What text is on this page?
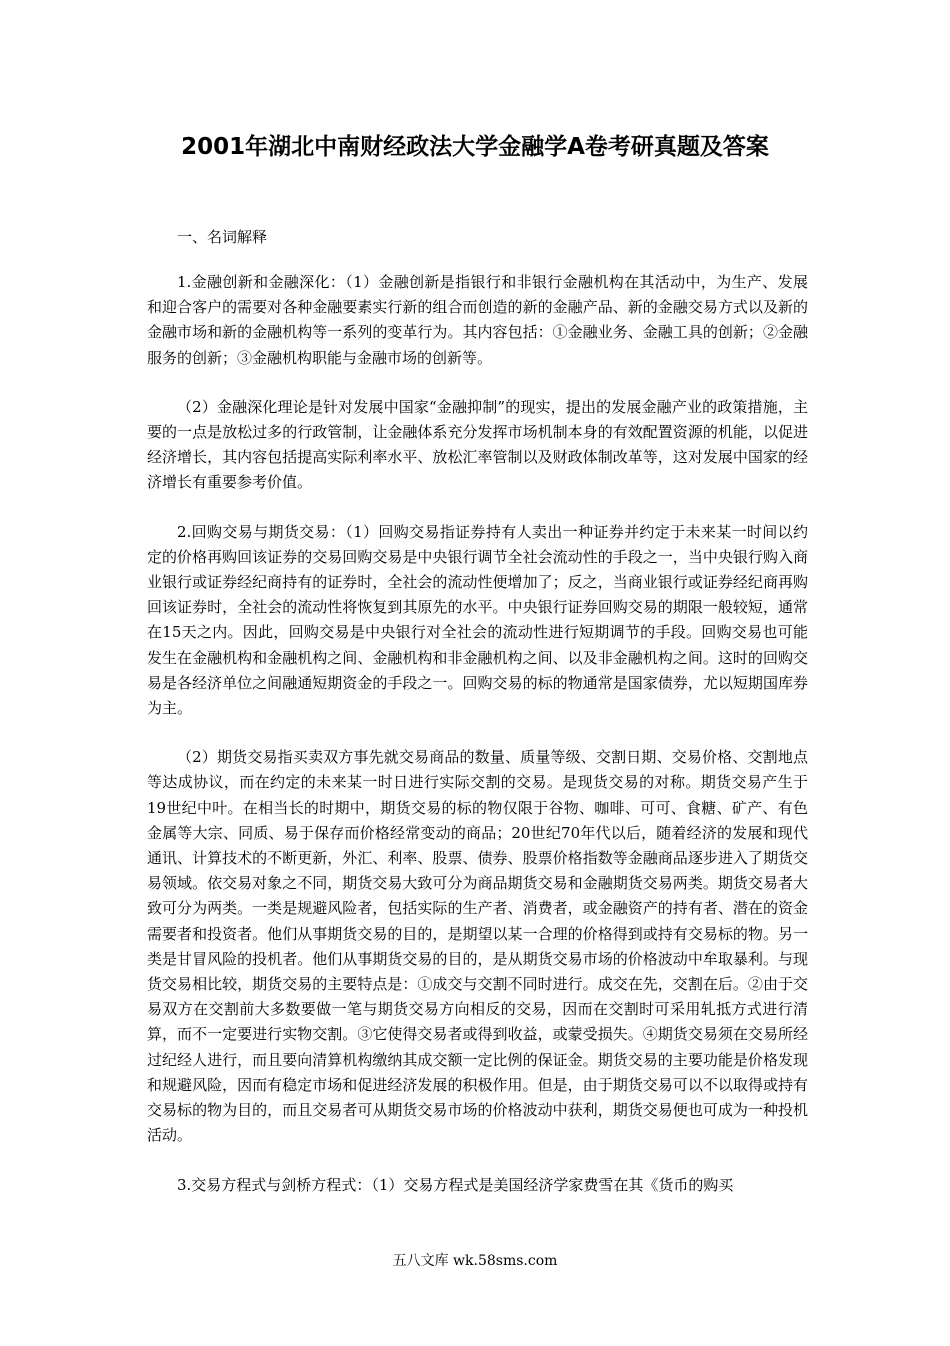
2001年湖北中南财经政法大学金融学A卷考研真题及答案

一、名词解释

1.金融创新和金融深化：（1）金融创新是指银行和非银行金融机构在其活动中，为生产、发展和迎合客户的需要对各种金融要素实行新的组合而创造的新的金融产品、新的金融交易方式以及新的金融市场和新的金融机构等一系列的变革行为。其内容包括：①金融业务、金融工具的创新；②金融服务的创新；③金融机构职能与金融市场的创新等。

（2）金融深化理论是针对发展中国家“金融抑制”的现实，提出的发展金融产业的政策措施，主要的一点是放松过多的行政管制，让金融体系充分发挥市场机制本身的有效配置资源的机能，以促进经济增长，其内容包括提高实际利率水平、放松汇率管制以及财政体制改革等，这对发展中国家的经济增长有重要参考价值。

2.回购交易与期货交易：（1）回购交易指证券持有人卖出一种证券并约定于未来某一时间以约定的价格再购回该证券的交易回购交易是中央银行调节全社会流动性的手段之一，当中央银行购入商业银行或证券经纪商持有的证券时，全社会的流动性便增加了；反之，当商业银行或证券经纪商再购回该证券时，全社会的流动性将恢复到其原先的水平。中央银行证券回购交易的期限一般较短，通常在15天之内。因此，回购交易是中央银行对全社会的流动性进行短期调节的手段。回购交易也可能发生在金融机构和金融机构之间、金融机构和非金融机构之间、以及非金融机构之间。这时的回购交易是各经济单位之间融通短期资金的手段之一。回购交易的标的物通常是国家债券，尤以短期国库券为主。

（2）期货交易指买卖双方事先就交易商品的数量、质量等级、交割日期、交易价格、交割地点等达成协议，而在约定的未来某一时日进行实际交割的交易。是现货交易的对称。期货交易产生于19世纪中叶。在相当长的时期中，期货交易的标的物仅限于谷物、咖啡、可可、食糖、矿产、有色金属等大宗、同质、易于保存而价格经常变动的商品；20世纪70年代以后，随着经济的发展和现代通讯、计算技术的不断更新，外汇、利率、股票、债券、股票价格指数等金融商品逐步进入了期货交易领域。依交易对象之不同，期货交易大致可分为商品期货交易和金融期货交易两类。期货交易者大致可分为两类。一类是规避风险者，包括实际的生产者、消费者，或金融资产的持有者、潜在的资金需要者和投资者。他们从事期货交易的目的，是期望以某一合理的价格得到或持有交易标的物。另一类是甘冒风险的投机者。他们从事期货交易的目的，是从期货交易市场的价格波动中牟取暴利。与现货交易相比较，期货交易的主要特点是：①成交与交割不同时进行。成交在先，交割在后。②由于交易双方在交割前大多数要做一笔与期货交易方向相反的交易，因而在交割时可采用轧抵方式进行清算，而不一定要进行实物交割。③它使得交易者或得到收益，或蒙受损失。④期货交易须在交易所经过纪经人进行，而且要向清算机构缴纳其成交额一定比例的保证金。期货交易的主要功能是价格发现和规避风险，因而有稳定市场和促进经济发展的积极作用。但是，由于期货交易可以不以取得或持有交易标的物为目的，而且交易者可从期货交易市场的价格波动中获利，期货交易便也可成为一种投机活动。

3.交易方程式与剑桥方程式：（1）交易方程式是美国经济学家费雪在其《货币的购买

五八文库 wk.58sms.com
